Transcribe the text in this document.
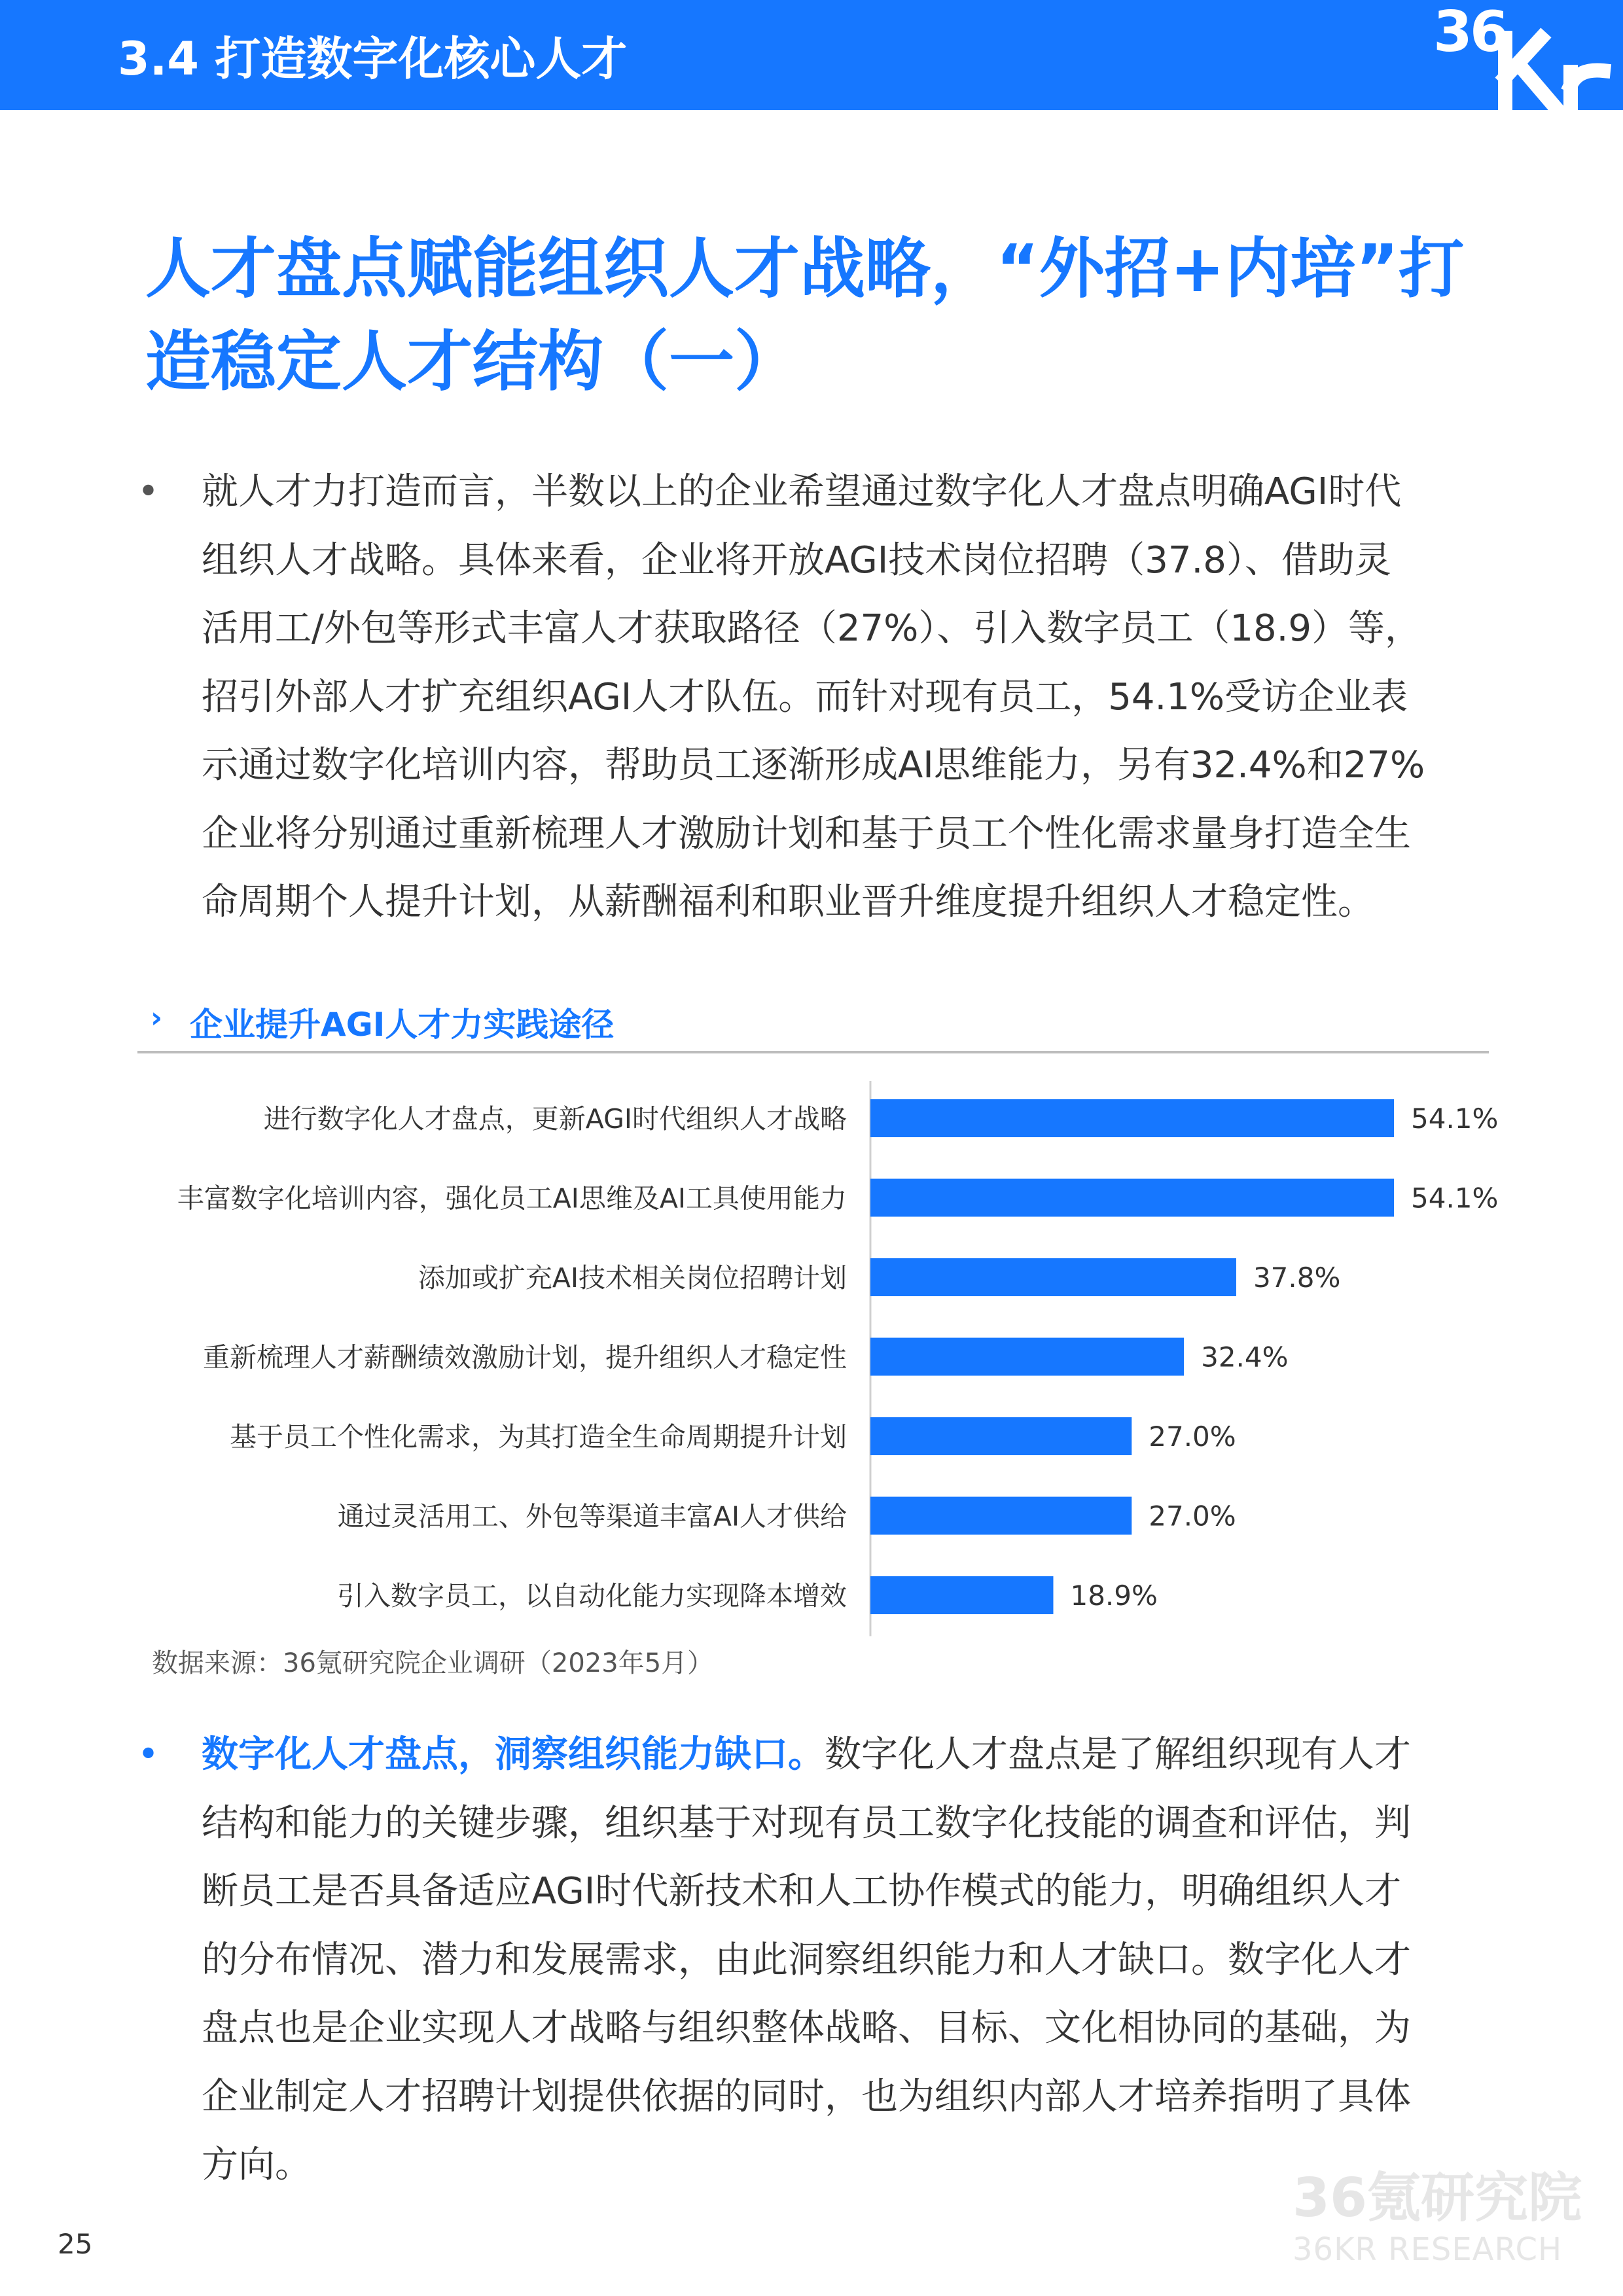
3.4 打造数字化核心人才	36
人才盘点赋能组织人才战略，“外招+内培”打
造稳定人才结构（一）
• 就人才力打造而言，半数以上的企业希望通过数字化人才盘点明确AGI时代
组织人才战略。具体来看，企业将开放AGI技术岗位招聘（37.8）、借助灵
活用工/外包等形式丰富人才获取路径（27%）、引入数字员工（18.9）等，
招引外部人才扩充组织AGI人才队伍。而针对现有员工，54.1%受访企业表
示通过数字化培训内容，帮助员工逐渐形成AI思维能力，另有32.4%和27%
企业将分别通过重新梳理人才激励计划和基于员工个性化需求量身打造全生
命周期个人提升计划，从薪酬福利和职业晋升维度提升组织人才稳定性。
› 企业提升AGI人才力实践途径
进行数字化人才盘点，更新AGI时代组织人才战略	54.1%
丰富数字化培训内容，强化员工AI思维及AI工具使用能力	54.1%
添加或扩充AI技术相关岗位招聘计划	37.8%
重新梳理人才薪酬绩效激励计划，提升组织人才稳定性	32.4%
基于员工个性化需求，为其打造全生命周期提升计划	27.0%
通过灵活用工、外包等渠道丰富AI人才供给	27.0%
引入数字员工，以自动化能力实现降本增效	18.9%
数据来源：36氪研究院企业调研（2023年5月）
• 数字化人才盘点，洞察组织能力缺口。数字化人才盘点是了解组织现有人才
结构和能力的关键步骤，组织基于对现有员工数字化技能的调查和评估，判
断员工是否具备适应AGI时代新技术和人工协作模式的能力，明确组织人才
的分布情况、潜力和发展需求，由此洞察组织能力和人才缺口。数字化人才
盘点也是企业实现人才战略与组织整体战略、目标、文化相协同的基础，为
企业制定人才招聘计划提供依据的同时，也为组织内部人才培养指明了具体
方向。
36氪研究院
36KR RESEARCH
25
